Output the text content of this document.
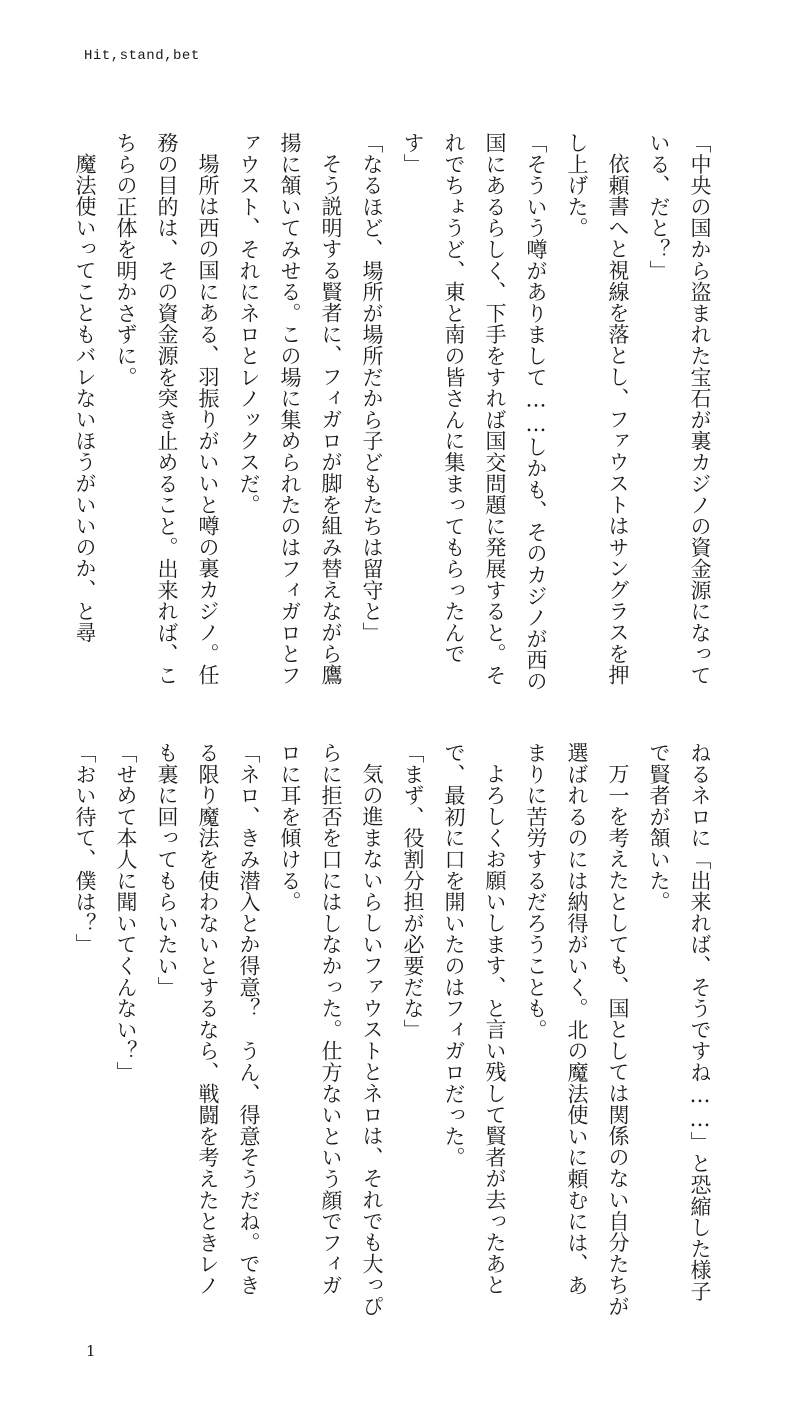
Hit,stand,bet

「中央の国から盗まれた宝石が裏カジノの資金源になっている、だと？」

依頼書へと視線を落とし、ファウストはサングラスを押し上げた。

「そういう噂がありまして……しかも、そのカジノが西の国にあるらしく、下手をすれば国交問題に発展すると。それでちょうど、東と南の皆さんに集まってもらったんです」

「なるほど、場所が場所だから子どもたちは留守と」

そう説明する賢者に、フィガロが脚を組み替えながら鷹揚に頷いてみせる。この場に集められたのはフィガロとファウスト、それにネロとレノックスだ。

場所は西の国にある、羽振りがいいと噂の裏カジノ。任務の目的は、その資金源を突き止めること。出来れば、こちらの正体を明かさずに。

魔法使いってこともバレないほうがいいのか、と尋

ねるネロに「出来れば、そうですね……」と恐縮した様子で賢者が頷いた。

万一を考えたとしても、国としては関係のない自分たちが選ばれるのには納得がいく。北の魔法使いに頼むには、あまりに苦労するだろうことも。

よろしくお願いします、と言い残して賢者が去ったあとで、最初に口を開いたのはフィガロだった。

「まず、役割分担が必要だな」

気の進まないらしいファウストとネロは、それでも大っぴらに拒否を口にはしなかった。仕方ないという顔でフィガロに耳を傾ける。

「ネロ、きみ潜入とか得意？　うん、得意そうだね。できる限り魔法を使わないとするなら、戦闘を考えたときレノも裏に回ってもらいたい」

「せめて本人に聞いてくんない？」

「おい待て、僕は？」

1
